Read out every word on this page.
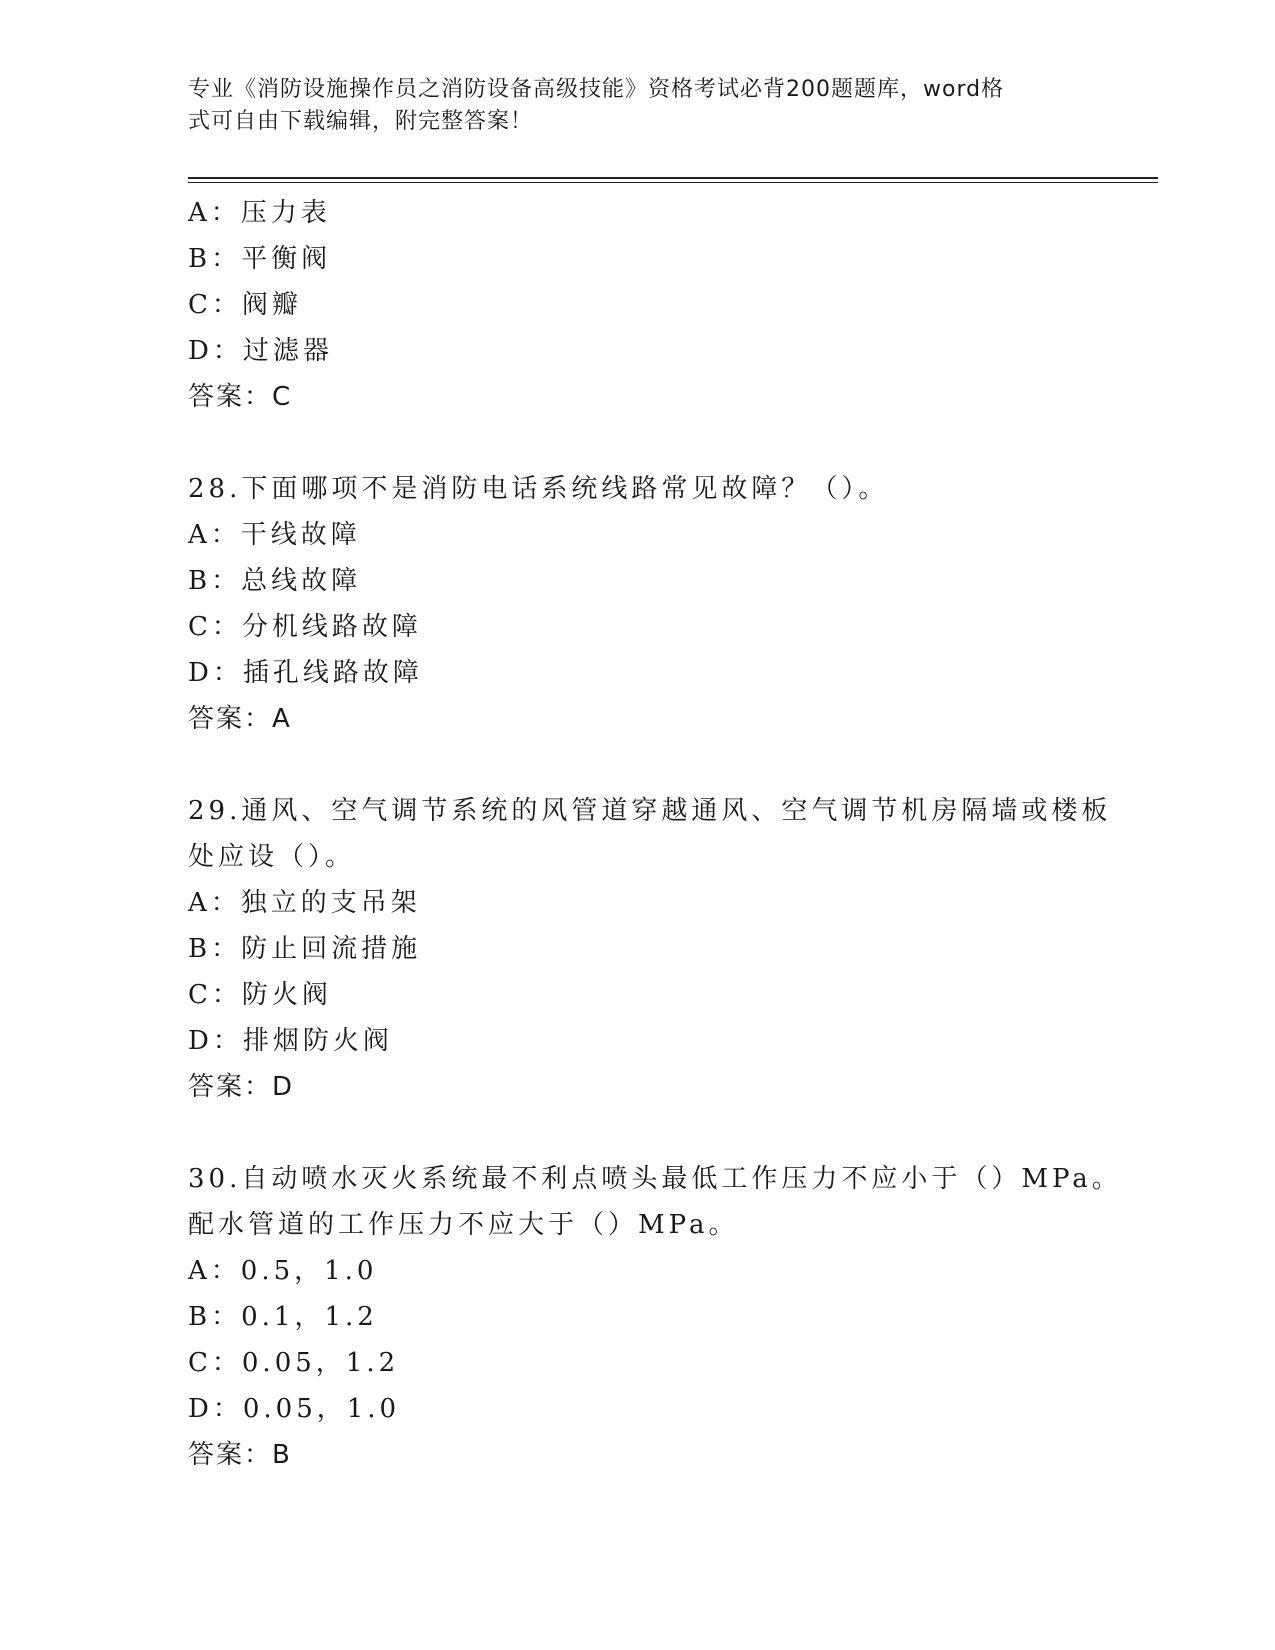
专业《消防设施操作员之消防设备高级技能》资格考试必背200题题库，word格
式可自由下载编辑，附完整答案！
A：压力表
B：平衡阀
C：阀瓣
D：过滤器
答案：C
28.下面哪项不是消防电话系统线路常见故障？（）。
A：干线故障
B：总线故障
C：分机线路故障
D：插孔线路故障
答案：A
29.通风、空气调节系统的风管道穿越通风、空气调节机房隔墙或楼板
处应设（）。
A：独立的支吊架
B：防止回流措施
C：防火阀
D：排烟防火阀
答案：D
30.自动喷水灭火系统最不利点喷头最低工作压力不应小于（）MPa。
配水管道的工作压力不应大于（）MPa。
A：0.5，1.0
B：0.1，1.2
C：0.05，1.2
D：0.05，1.0
答案：B
